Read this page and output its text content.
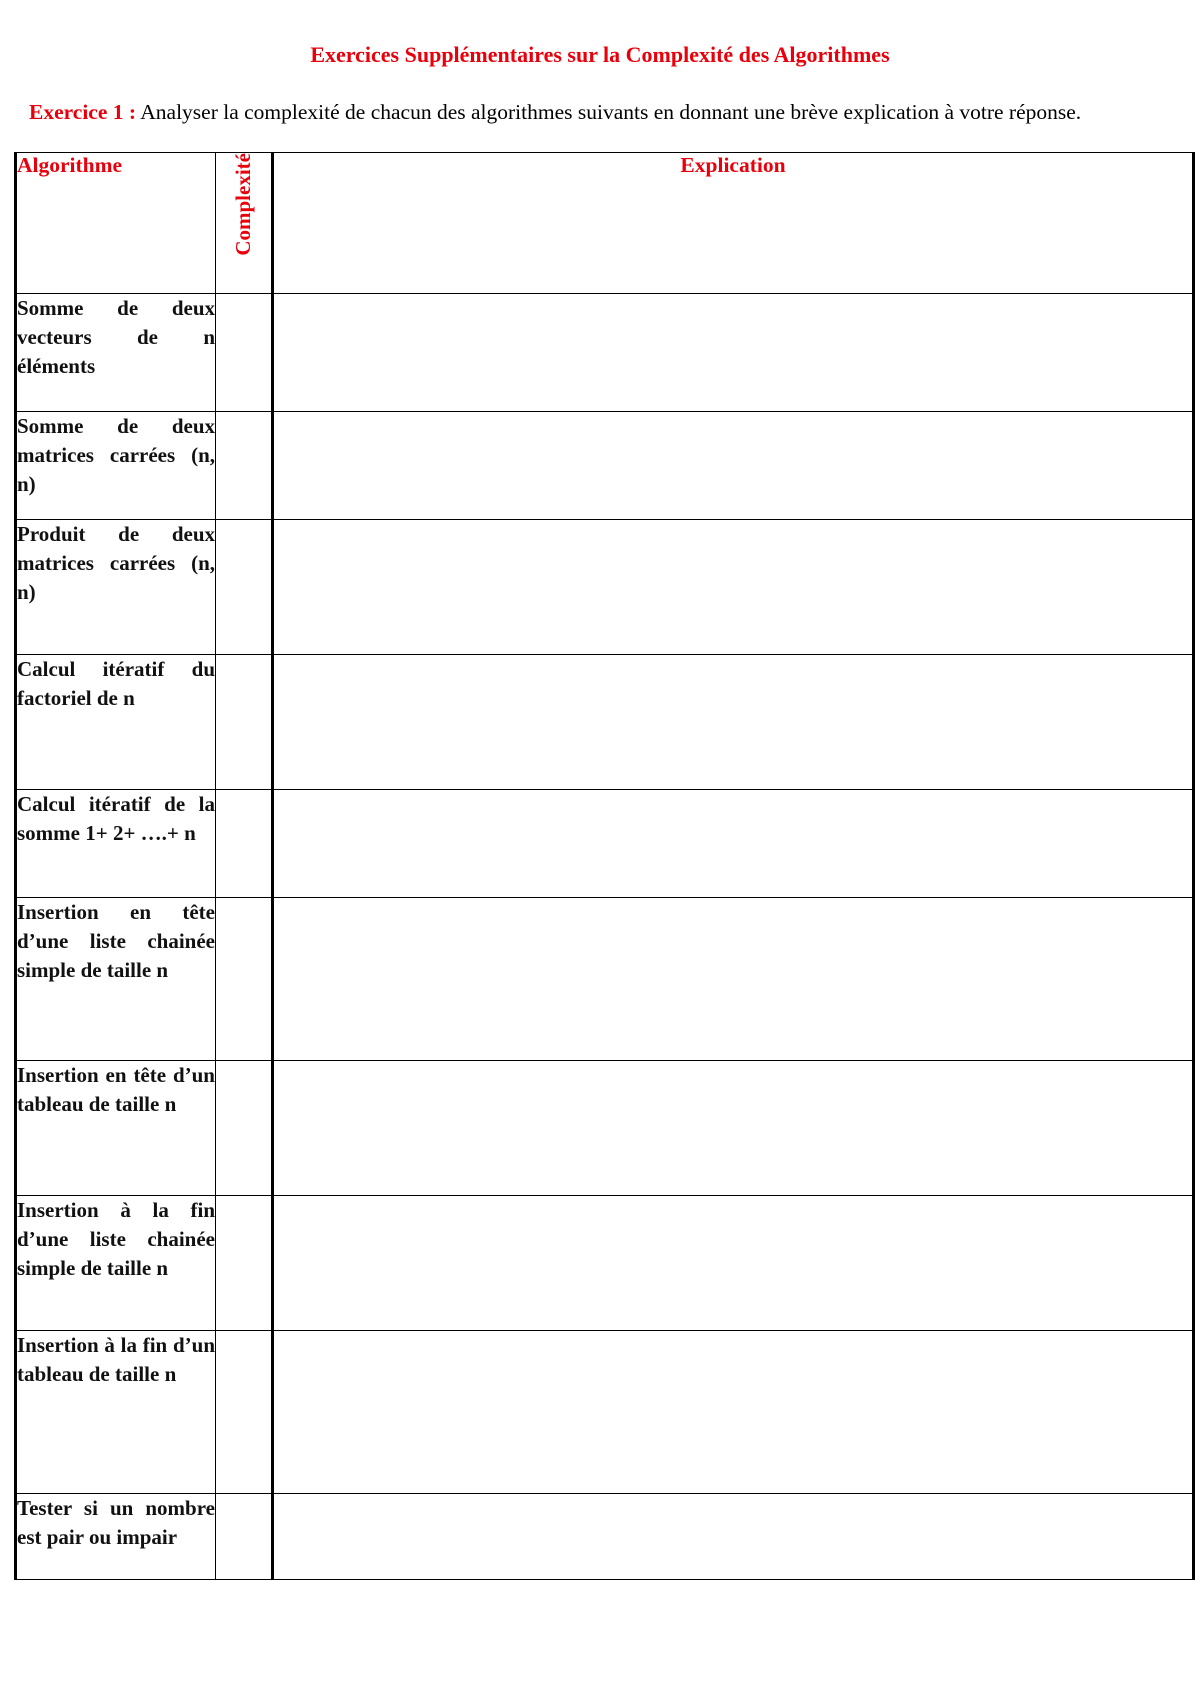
Exercices Supplémentaires sur la Complexité des Algorithmes
Exercice 1 : Analyser la complexité de chacun des algorithmes suivants en donnant une brève explication à votre réponse.
Algorithme	Complexité	Explication
Somme de deux vecteurs de n éléments		
Somme de deux matrices carrées (n, n)		
Produit de deux matrices carrées (n, n)		
Calcul itératif du factoriel de n		
Calcul itératif de la somme 1+ 2+ ….+ n		
Insertion en tête d’une liste chainée simple de taille n		
Insertion en tête d’un tableau de taille n		
Insertion à la fin d’une liste chainée simple de taille n		
Insertion à la fin d’un tableau de taille n		
Tester si un nombre est pair ou impair		
